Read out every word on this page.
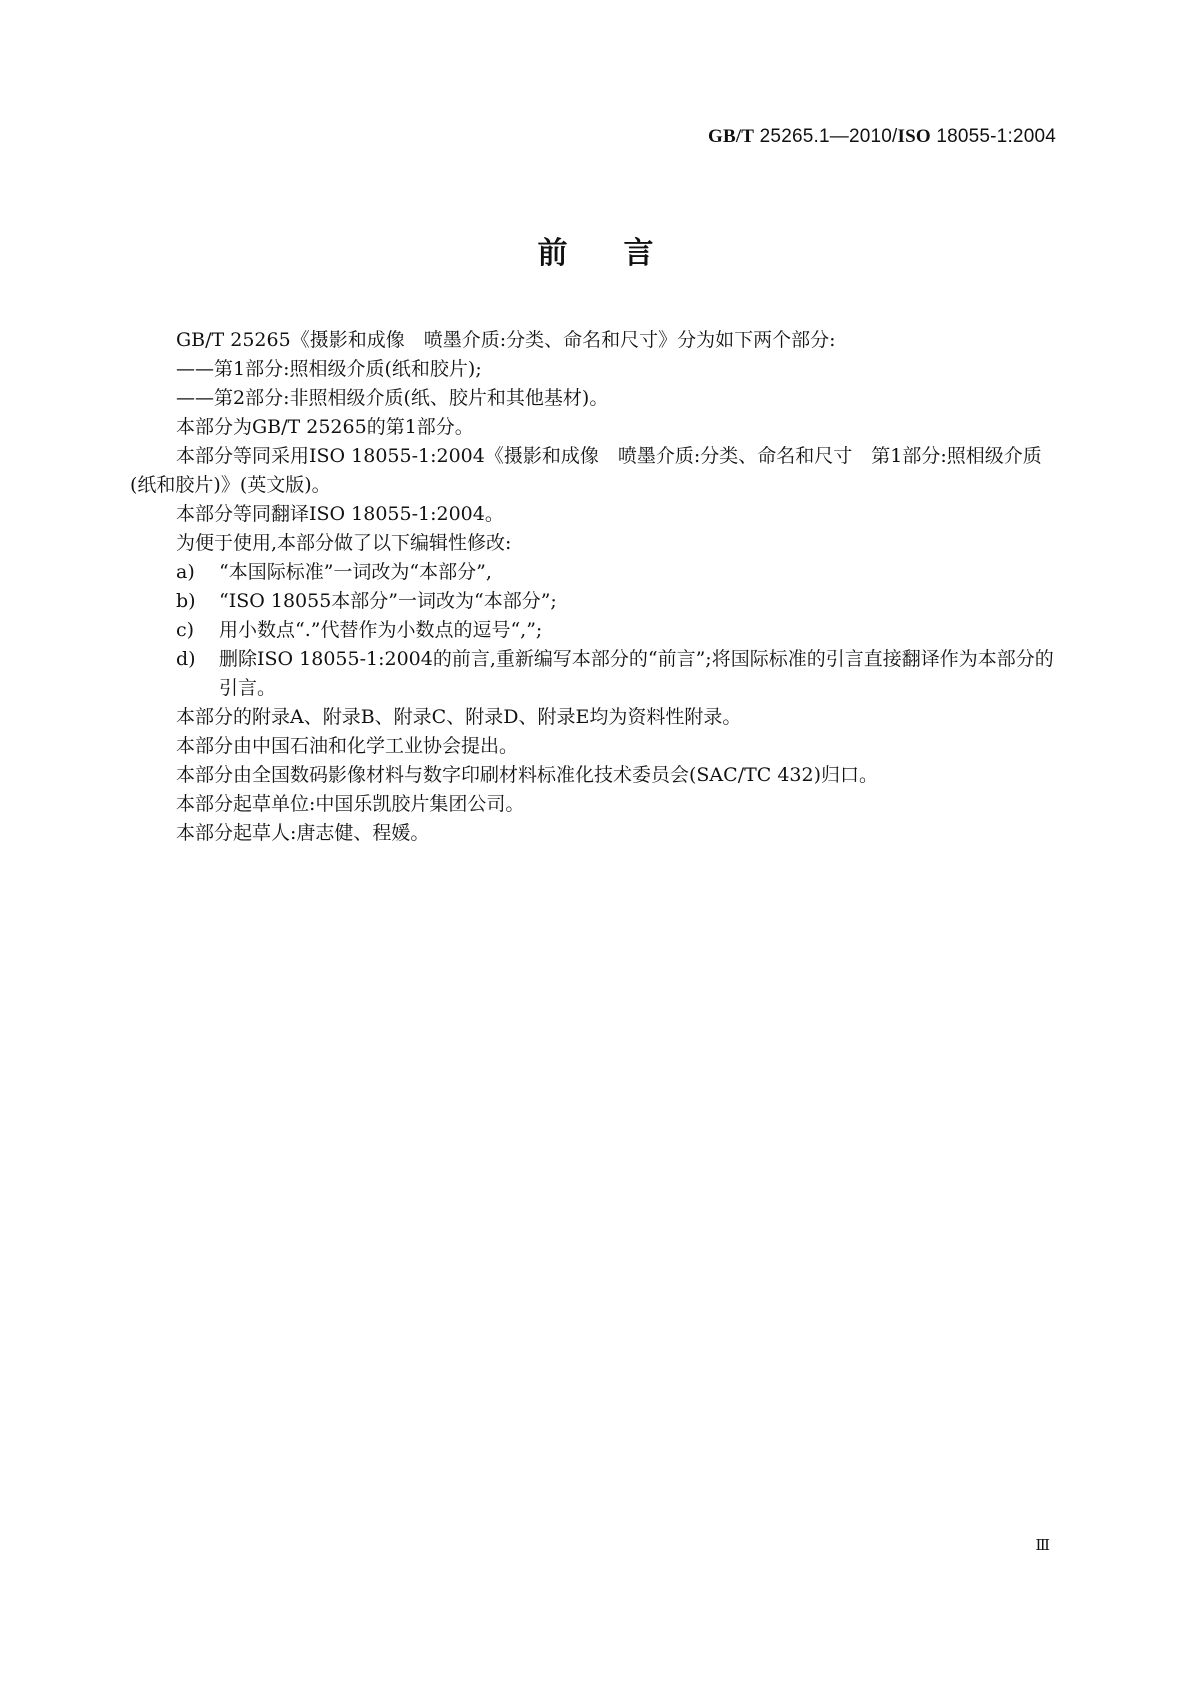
GB/T 25265.1—2010/ISO 18055-1:2004
前言

GB/T 25265《摄影和成像　喷墨介质:分类、命名和尺寸》分为如下两个部分:

——第1部分:照相级介质(纸和胶片);

——第2部分:非照相级介质(纸、胶片和其他基材)。

本部分为GB/T 25265的第1部分。

本部分等同采用ISO 18055-1:2004《摄影和成像　喷墨介质:分类、命名和尺寸　第1部分:照相级介质(纸和胶片)》(英文版)。

本部分等同翻译ISO 18055-1:2004。

为便于使用,本部分做了以下编辑性修改:

a) “本国际标准”一词改为“本部分”,

b) “ISO 18055本部分”一词改为“本部分”;

c) 用小数点“.”代替作为小数点的逗号“,”;

d) 删除ISO 18055-1:2004的前言,重新编写本部分的“前言”;将国际标准的引言直接翻译作为本部分的引言。

本部分的附录A、附录B、附录C、附录D、附录E均为资料性附录。

本部分由中国石油和化学工业协会提出。

本部分由全国数码影像材料与数字印刷材料标准化技术委员会(SAC/TC 432)归口。

本部分起草单位:中国乐凯胶片集团公司。

本部分起草人:唐志健、程媛。

Ⅲ
